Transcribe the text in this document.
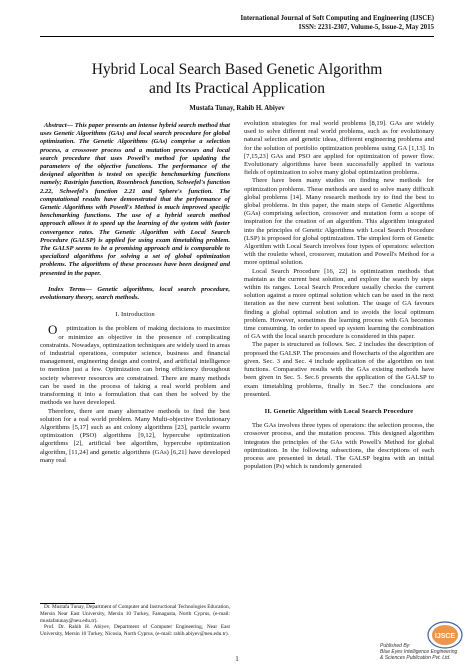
International Journal of Soft Computing and Engineering (IJSCE)
ISSN: 2231-2307, Volume-5, Issue-2, May 2015
Hybrid Local Search Based Genetic Algorithm
and Its Practical Application
Mustafa Tunay, Rahib H. Abiyev

Abstract— This paper presents an intense hybrid search method that uses Genetic Algorithms (GAs) and local search procedure for global optimization. The Genetic Algorithms (GAs) comprise a selection process, a crossover process and a mutation processes and local search procedure that uses Powell's method for updating the parameters of the objective functions. The performance of the designed algorithm is tested on specific benchmarking functions namely; Rastrigin function, Rosenbrock function, Schwefel's function 2.22, Schwefel's function 2.21 and Sphere's function. The computational results have demonstrated that the performance of Genetic Algorithms with Powell's Method is much improved specific benchmarking functions. The use of a hybrid search method approach allows it to speed up the learning of the system with faster convergence rates. The Genetic Algorithm with Local Search Procedure (GALSP) is applied for using exam timetabling problem. The GALSP seems to be a promising approach and is comparable to specialized algorithms for solving a set of global optimization problems. The algorithms of these processes have been designed and presented in the paper.

Index Terms— Genetic algorithms, local search procedure, evolutionary theory, search methods.

I. Introduction

Optimization is the problem of making decisions to maximize or minimize an objective in the presence of complicating constraints. Nowadays, optimization techniques are widely used in areas of industrial operations, computer science, business and financial management, engineering design and control, and artificial intelligence to mention just a few. Optimization can bring efficiency throughout society wherever resources are constrained. There are many methods can be used in the process of taking a real world problem and transforming it into a formulation that can then be solved by the methods we have developed.

Therefore, there are many alternative methods to find the best solution for a real world problem. Many Multi-objective Evolutionary Algorithms [5,17] such as ant colony algorithms [23], particle swarm optimization (PSO) algorithms [9,12], hypercube optimization algorithms [2], artificial bee algorithm, hypercube optimization algorithm, [11,24] and genetic algorithms (GAs) [6,21] have developed many real

Dr. Mustafa Tunay, Department of Computer and Instructional Technologies Education, Mersin Near East University, Mersin 10 Turkey, Famagusta, North Cyprus, (e-mail: mustafatunay@neu.edu.tr).

Prof. Dr. Rahib H. Abiyev, Department of Computer Engineering, Near East University, Mersin 10 Turkey, Nicosia, North Cyprus, (e-mail: rahib.abiyev@neu.edu.tr).

evolution strategies for real world problems [8,19]. GAs are widely used to solve different real world problems, such as for evolutionary natural selection and genetic ideas, different engineering problems and for the solution of portfolio optimization problems using GA [1,13]. In [7,15,23] GAs and PSO are applied for optimization of power flow. Evolutionary algorithms have been successfully applied in various fields of optimization to solve many global optimization problems.

There have been many studies on finding new methods for optimization problems. These methods are used to solve many difficult global problems [14]. Many research methods try to find the best to global problems. In this paper, the main steps of Genetic Algorithms (GAs) comprising selection, crossover and mutation form a scope of inspiration for the creation of an algorithm. This algorithm integrated into the principles of Genetic Algorithms with Local Search Procedure (LSP) is proposed for global optimization. The simplest form of Genetic Algorithm with Local Search involves four types of operators: selection with the roulette wheel, crossover, mutation and Powell's Method for a more optimal solution.

Local Search Procedure [16, 22] is optimization methods that maintain as the current best solution, and explore the search by steps within its ranges. Local Search Procedure usually checks the current solution against a more optimal solution which can be used in the next iteration as the new current best solution. The usage of GA favours finding a global optimal solution and to avoids the local optimum problem. However, sometimes the learning process with GA becomes time consuming. In order to speed up system learning the combination of GA with the local search procedure is considered in this paper.

The paper is structured as follows. Sec. 2 includes the description of proposed the GALSP. The processes and flowcharts of the algorithm are given. Sec. 3 and Sec. 4 include application of the algorithm on test functions. Comparative results with the GAs existing methods have been given in Sec. 5. Sec.6 presents the application of the GALSP to exam timetabling problems, finally in Sec.7 the conclusions are presented.

II. Genetic Algorithm with Local Search Procedure

The GAs involves three types of operators: the selection process, the crossover process, and the mutation process. This designed algorithm integrates the principles of the GAs with Powell's Method for global optimization. In the following subsections, the descriptions of each process are presented in detail. The GALSP begins with an initial population (Ps) which is randomly generated

1
IJSCE
Published By:
Blue Eyes Intelligence Engineering
& Sciences Publication Pvt. Ltd.
